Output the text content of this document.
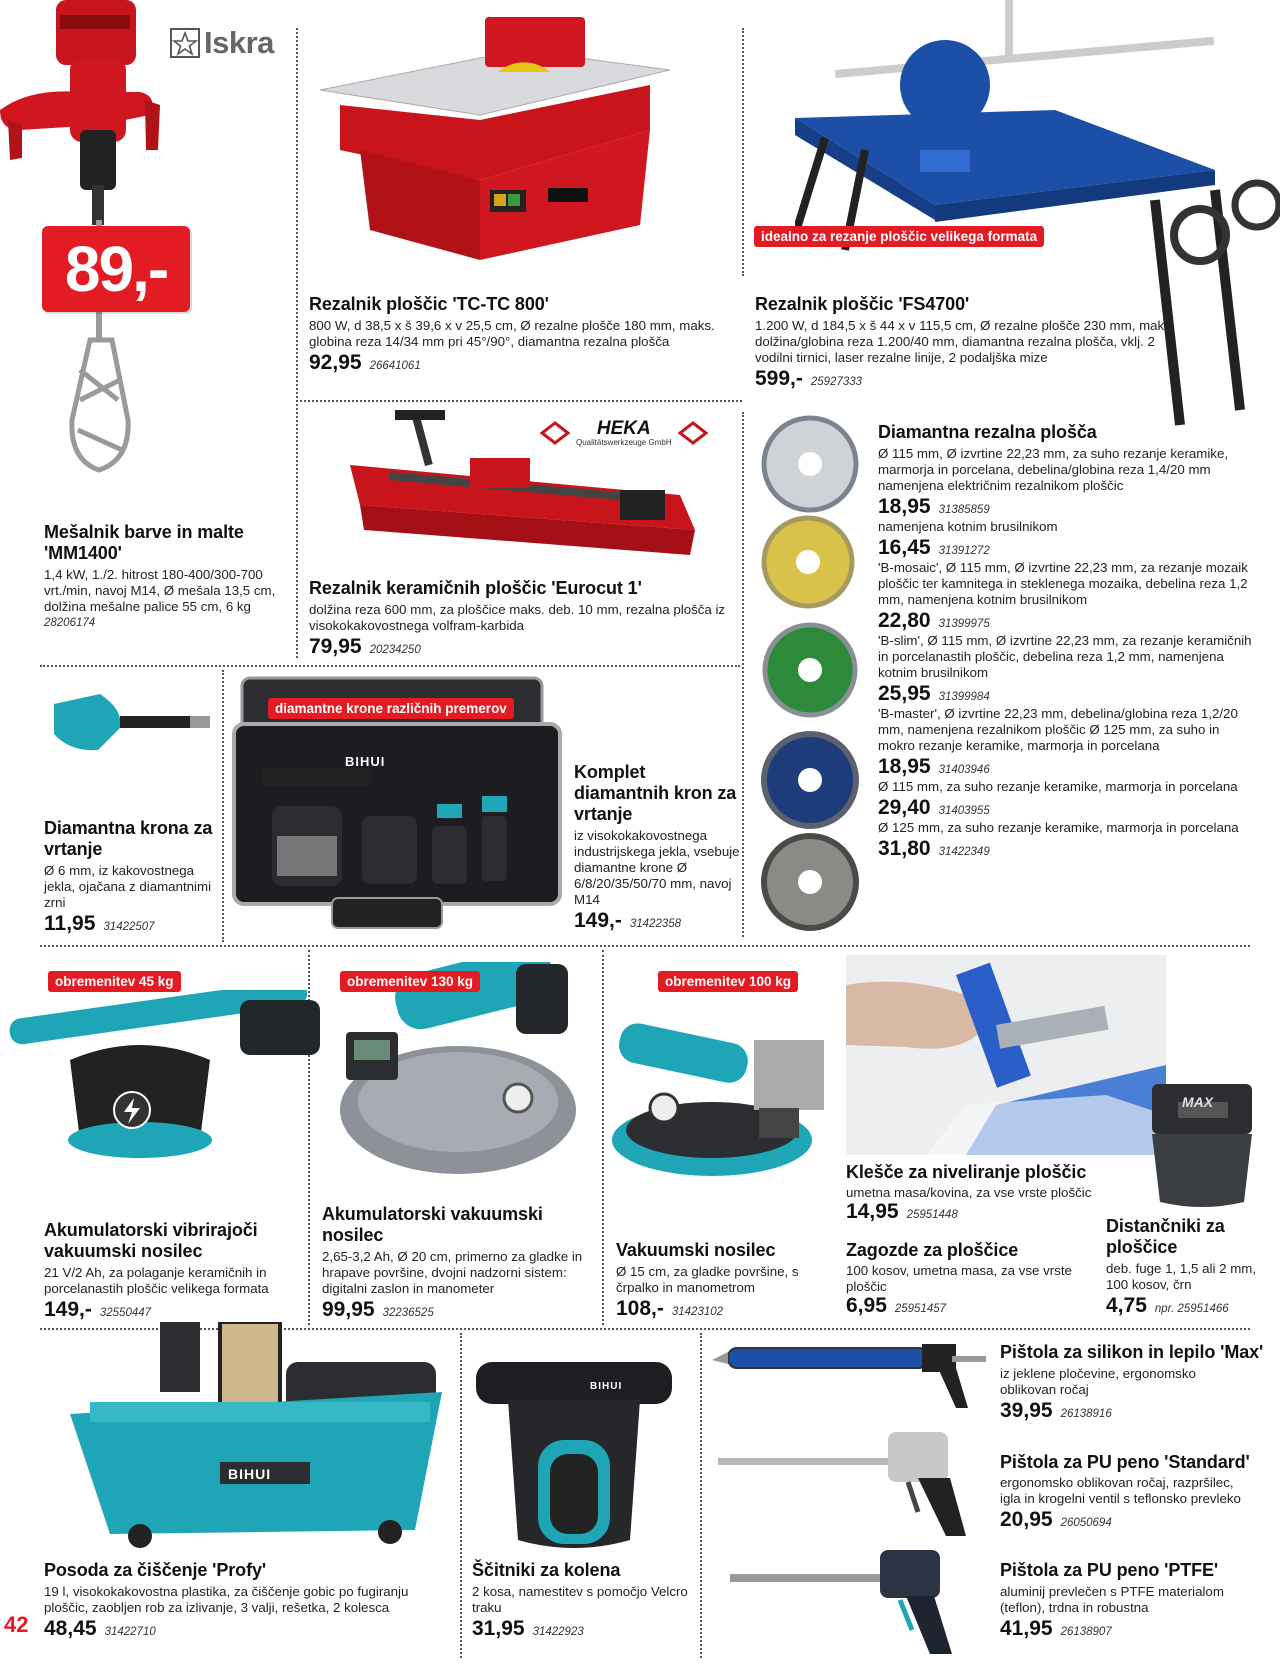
Iskra
89,-
Mešalnik barve in malte 'MM1400'
1,4 kW, 1./2. hitrost 180-400/300-700 vrt./min, navoj M14, Ø mešala 13,5 cm, dolžina mešalne palice 55 cm, 6 kg
28206174
Rezalnik ploščic 'TC-TC 800'
800 W, d 38,5 x š 39,6 x v 25,5 cm, Ø rezalne plošče 180 mm, maks. globina reza 14/34 mm pri 45°/90°, diamantna rezalna plošča
92,95 26641061
idealno za rezanje ploščic velikega formata
Rezalnik ploščic 'FS4700'
1.200 W, d 184,5 x š 44 x v 115,5 cm, Ø rezalne plošče 230 mm, maks. dolžina/globina reza 1.200/40 mm, diamantna rezalna plošča, vklj. 2 vodilni tirnici, laser rezalne linije, 2 podaljška mize
599,- 25927333
HEKA
Qualitätswerkzeuge GmbH
Rezalnik keramičnih ploščic 'Eurocut 1'
dolžina reza 600 mm, za ploščice maks. deb. 10 mm, rezalna plošča iz visokokakovostnega volfram-karbida
79,95 20234250
Diamantna rezalna plošča
Ø 115 mm, Ø izvrtine 22,23 mm, za suho rezanje keramike, marmorja in porcelana, debelina/globina reza 1,4/20 mm namenjena električnim rezalnikom ploščic
18,95 31385859
namenjena kotnim brusilnikom
16,45 31391272
'B-mosaic', Ø 115 mm, Ø izvrtine 22,23 mm, za rezanje mozaik ploščic ter kamnitega in steklenega mozaika, debelina reza 1,2 mm, namenjena kotnim brusilnikom
22,80 31399975
'B-slim', Ø 115 mm, Ø izvrtine 22,23 mm, za rezanje keramičnih in porcelanastih ploščic, debelina reza 1,2 mm, namenjena kotnim brusilnikom
25,95 31399984
'B-master', Ø izvrtine 22,23 mm, debelina/globina reza 1,2/20 mm, namenjena rezalnikom ploščic Ø 125 mm, za suho in mokro rezanje keramike, marmorja in porcelana
18,95 31403946
Ø 115 mm, za suho rezanje keramike, marmorja in porcelana
29,40 31403955
Ø 125 mm, za suho rezanje keramike, marmorja in porcelana
31,80 31422349
Diamantna krona za vrtanje
Ø 6 mm, iz kakovostnega jekla, ojačana z diamantnimi zrni
11,95 31422507
BIHUI
diamantne krone različnih premerov
Komplet diamantnih kron za vrtanje
iz visokokakovostnega industrijskega jekla, vsebuje diamantne krone Ø 6/8/20/35/50/70 mm, navoj M14
149,- 31422358
obremenitev 45 kg
Akumulatorski vibrirajoči vakuumski nosilec
21 V/2 Ah, za polaganje keramičnih in porcelanastih ploščic velikega formata
149,- 32550447
obremenitev 130 kg
Akumulatorski vakuumski nosilec
2,65-3,2 Ah, Ø 20 cm, primerno za gladke in hrapave površine, dvojni nadzorni sistem: digitalni zaslon in manometer
99,95 32236525
obremenitev 100 kg
Vakuumski nosilec
Ø 15 cm, za gladke površine, s črpalko in manometrom
108,- 31423102
MAX
Klešče za niveliranje ploščic
umetna masa/kovina, za vse vrste ploščic
14,95 25951448
Zagozde za ploščice
100 kosov, umetna masa, za vse vrste ploščic
6,95 25951457
Distančniki za ploščice
deb. fuge 1, 1,5 ali 2 mm, 100 kosov, črn
4,75 npr. 25951466
BIHUI
Posoda za čiščenje 'Profy'
19 l, visokokakovostna plastika, za čiščenje gobic po fugiranju ploščic, zaobljen rob za izlivanje, 3 valji, rešetka, 2 kolesca
48,45 31422710
BIHUI
Ščitniki za kolena
2 kosa, namestitev s pomočjo Velcro traku
31,95 31422923
Pištola za silikon in lepilo 'Max'
iz jeklene pločevine, ergonomsko oblikovan ročaj
39,95 26138916
Pištola za PU peno 'Standard'
ergonomsko oblikovan ročaj, razpršilec, igla in krogelni ventil s teflonsko prevleko
20,95 26050694
Pištola za PU peno 'PTFE'
aluminij prevlečen s PTFE materialom (teflon), trdna in robustna
41,95 26138907
42
